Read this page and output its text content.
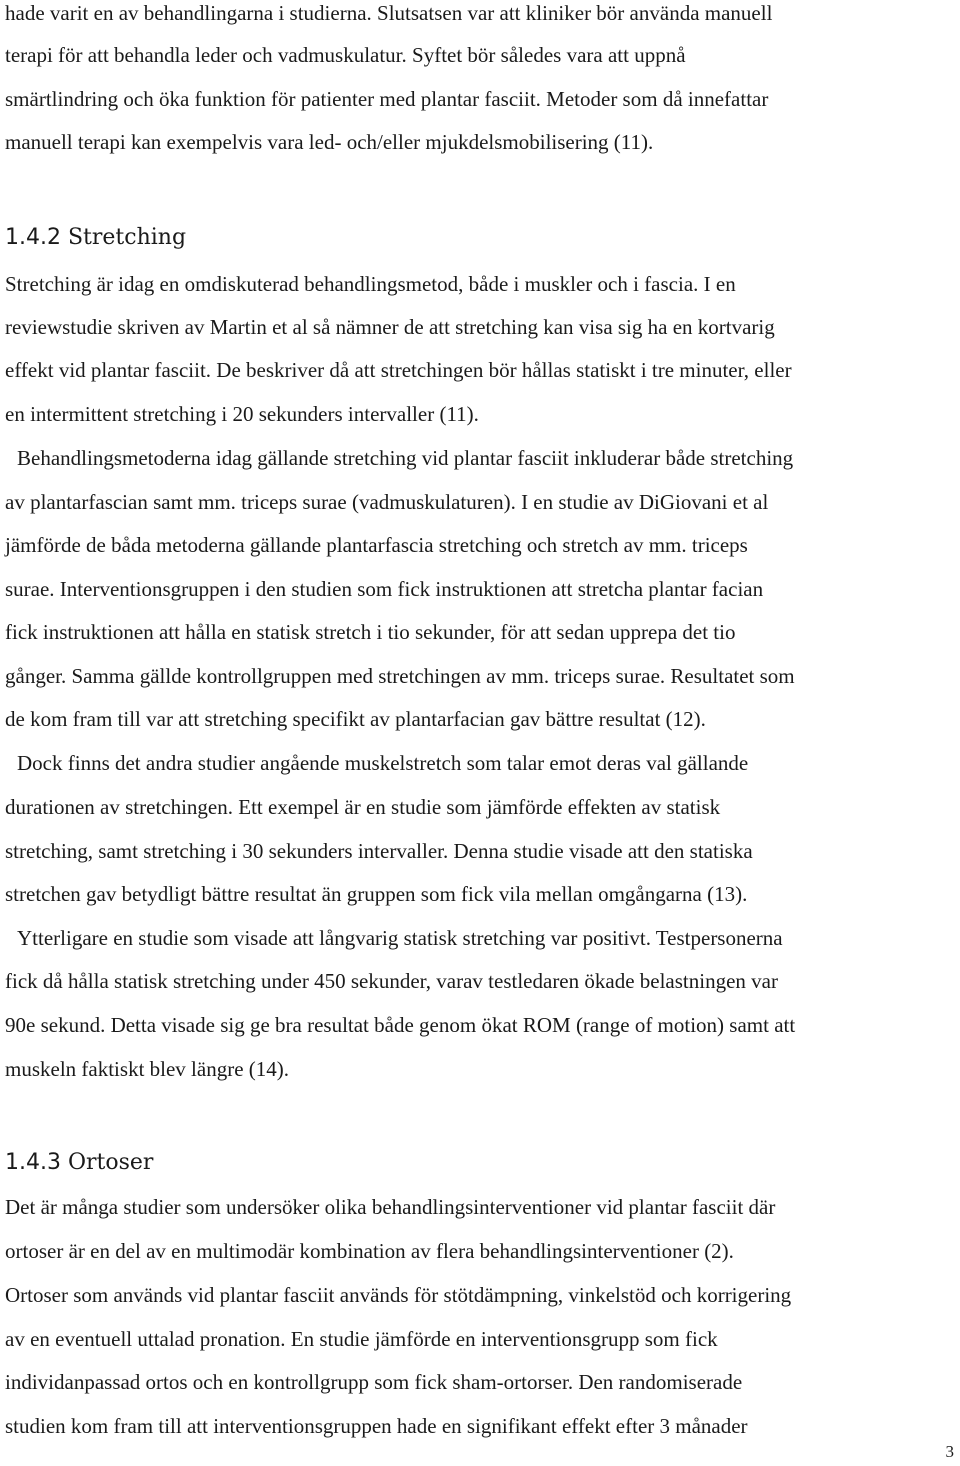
hade varit en av behandlingarna i studierna. Slutsatsen var att kliniker bör använda manuell
terapi för att behandla leder och vadmuskulatur. Syftet bör således vara att uppnå
smärtlindring och öka funktion för patienter med plantar fasciit. Metoder som då innefattar
manuell terapi kan exempelvis vara led- och/eller mjukdelsmobilisering (11).
1.4.2 Stretching
Stretching är idag en omdiskuterad behandlingsmetod, både i muskler och i fascia. I en
reviewstudie skriven av Martin et al så nämner de att stretching kan visa sig ha en kortvarig
effekt vid plantar fasciit. De beskriver då att stretchingen bör hållas statiskt i tre minuter, eller
en intermittent stretching i 20 sekunders intervaller (11).
Behandlingsmetoderna idag gällande stretching vid plantar fasciit inkluderar både stretching
av plantarfascian samt mm. triceps surae (vadmuskulaturen). I en studie av DiGiovani et al
jämförde de båda metoderna gällande plantarfascia stretching och stretch av mm. triceps
surae. Interventionsgruppen i den studien som fick instruktionen att stretcha plantar facian
fick instruktionen att hålla en statisk stretch i tio sekunder, för att sedan upprepa det tio
gånger. Samma gällde kontrollgruppen med stretchingen av mm. triceps surae. Resultatet som
de kom fram till var att stretching specifikt av plantarfacian gav bättre resultat (12).
Dock finns det andra studier angående muskelstretch som talar emot deras val gällande
durationen av stretchingen. Ett exempel är en studie som jämförde effekten av statisk
stretching, samt stretching i 30 sekunders intervaller. Denna studie visade att den statiska
stretchen gav betydligt bättre resultat än gruppen som fick vila mellan omgångarna (13).
Ytterligare en studie som visade att långvarig statisk stretching var positivt. Testpersonerna
fick då hålla statisk stretching under 450 sekunder, varav testledaren ökade belastningen var
90e sekund. Detta visade sig ge bra resultat både genom ökat ROM (range of motion) samt att
muskeln faktiskt blev längre (14).
1.4.3 Ortoser
Det är många studier som undersöker olika behandlingsinterventioner vid plantar fasciit där
ortoser är en del av en multimodär kombination av flera behandlingsinterventioner (2).
Ortoser som används vid plantar fasciit används för stötdämpning, vinkelstöd och korrigering
av en eventuell uttalad pronation. En studie jämförde en interventionsgrupp som fick
individanpassad ortos och en kontrollgrupp som fick sham-ortorser. Den randomiserade
studien kom fram till att interventionsgruppen hade en signifikant effekt efter 3 månader
3
